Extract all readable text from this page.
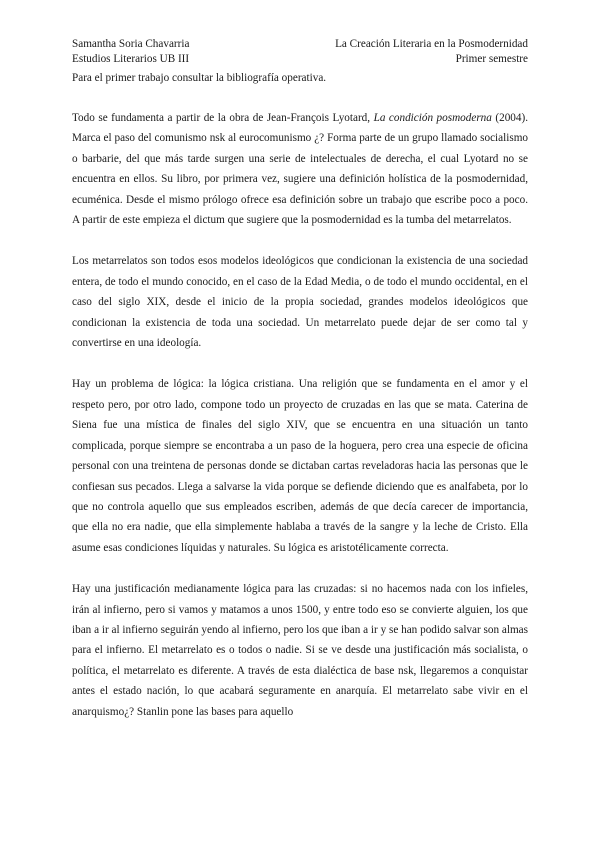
Samantha Soria Chavarria	La Creación Literaria en la Posmodernidad
Estudios Literarios UB III	Primer semestre

Para el primer trabajo consultar la bibliografía operativa.

Todo se fundamenta a partir de la obra de Jean-François Lyotard, La condición posmoderna (2004). Marca el paso del comunismo nsk al eurocomunismo ¿? Forma parte de un grupo llamado socialismo o barbarie, del que más tarde surgen una serie de intelectuales de derecha, el cual Lyotard no se encuentra en ellos. Su libro, por primera vez, sugiere una definición holística de la posmodernidad, ecuménica. Desde el mismo prólogo ofrece esa definición sobre un trabajo que escribe poco a poco. A partir de este empieza el dictum que sugiere que la posmodernidad es la tumba del metarrelatos.

Los metarrelatos son todos esos modelos ideológicos que condicionan la existencia de una sociedad entera, de todo el mundo conocido, en el caso de la Edad Media, o de todo el mundo occidental, en el caso del siglo XIX, desde el inicio de la propia sociedad, grandes modelos ideológicos que condicionan la existencia de toda una sociedad. Un metarrelato puede dejar de ser como tal y convertirse en una ideología.

Hay un problema de lógica: la lógica cristiana. Una religión que se fundamenta en el amor y el respeto pero, por otro lado, compone todo un proyecto de cruzadas en las que se mata. Caterina de Siena fue una mística de finales del siglo XIV, que se encuentra en una situación un tanto complicada, porque siempre se encontraba a un paso de la hoguera, pero crea una especie de oficina personal con una treintena de personas donde se dictaban cartas reveladoras hacia las personas que le confiesan sus pecados. Llega a salvarse la vida porque se defiende diciendo que es analfabeta, por lo que no controla aquello que sus empleados escriben, además de que decía carecer de importancia, que ella no era nadie, que ella simplemente hablaba a través de la sangre y la leche de Cristo. Ella asume esas condiciones líquidas y naturales. Su lógica es aristotélicamente correcta.

Hay una justificación medianamente lógica para las cruzadas: si no hacemos nada con los infieles, irán al infierno, pero si vamos y matamos a unos 1500, y entre todo eso se convierte alguien, los que iban a ir al infierno seguirán yendo al infierno, pero los que iban a ir y se han podido salvar son almas para el infierno. El metarrelato es o todos o nadie. Si se ve desde una justificación más socialista, o política, el metarrelato es diferente. A través de esta dialéctica de base nsk, llegaremos a conquistar antes el estado nación, lo que acabará seguramente en anarquía. El metarrelato sabe vivir en el anarquismo¿? Stanlin pone las bases para aquello
